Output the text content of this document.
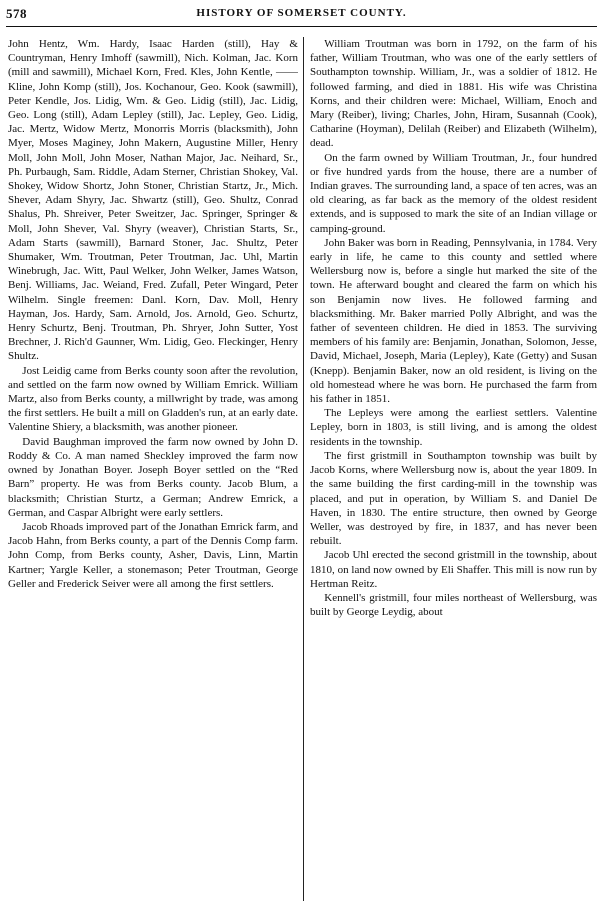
578	HISTORY OF SOMERSET COUNTY.

John Hentz, Wm. Hardy, Isaac Harden (still), Hay & Countryman, Henry Imhoff (sawmill), Nich. Kolman, Jac. Korn (mill and sawmill), Michael Korn, Fred. Kles, John Kentle, —— Kline, John Komp (still), Jos. Kochanour, Geo. Kook (sawmill), Peter Kendle, Jos. Lidig, Wm. & Geo. Lidig (still), Jac. Lidig, Geo. Long (still), Adam Lepley (still), Jac. Lepley, Geo. Lidig, Jac. Mertz, Widow Mertz, Monorris Morris (blacksmith), John Myer, Moses Maginey, John Makern, Augustine Miller, Henry Moll, John Moll, John Moser, Nathan Major, Jac. Neihard, Sr., Ph. Purbaugh, Sam. Riddle, Adam Sterner, Christian Shokey, Val. Shokey, Widow Shortz, John Stoner, Christian Startz, Jr., Mich. Shever, Adam Shyry, Jac. Shwartz (still), Geo. Shultz, Conrad Shalus, Ph. Shreiver, Peter Sweitzer, Jac. Springer, Springer & Moll, John Shever, Val. Shyry (weaver), Christian Starts, Sr., Adam Starts (sawmill), Barnard Stoner, Jac. Shultz, Peter Shumaker, Wm. Troutman, Peter Troutman, Jac. Uhl, Martin Winebrugh, Jac. Witt, Paul Welker, John Welker, James Watson, Benj. Williams, Jac. Weiand, Fred. Zufall, Peter Wingard, Peter Wilhelm. Single freemen: Danl. Korn, Dav. Moll, Henry Hayman, Jos. Hardy, Sam. Arnold, Jos. Arnold, Geo. Schurtz, Henry Schurtz, Benj. Troutman, Ph. Shryer, John Sutter, Yost Brechner, J. Rich'd Gaunner, Wm. Lidig, Geo. Fleckinger, Henry Shultz.

Jost Leidig came from Berks county soon after the revolution, and settled on the farm now owned by William Emrick. William Martz, also from Berks county, a millwright by trade, was among the first settlers. He built a mill on Gladden's run, at an early date. Valentine Shiery, a blacksmith, was another pioneer.

David Baughman improved the farm now owned by John D. Roddy & Co. A man named Sheckley improved the farm now owned by Jonathan Boyer. Joseph Boyer settled on the “Red Barn” property. He was from Berks county. Jacob Blum, a blacksmith; Christian Sturtz, a German; Andrew Emrick, a German, and Caspar Albright were early settlers.

Jacob Rhoads improved part of the Jonathan Emrick farm, and Jacob Hahn, from Berks county, a part of the Dennis Comp farm. John Comp, from Berks county, Asher, Davis, Linn, Martin Kartner; Yargle Keller, a stonemason; Peter Troutman, George Geller and Frederick Seiver were all among the first settlers.

William Troutman was born in 1792, on the farm of his father, William Troutman, who was one of the early settlers of Southampton township. William, Jr., was a soldier of 1812. He followed farming, and died in 1881. His wife was Christina Korns, and their children were: Michael, William, Enoch and Mary (Reiber), living; Charles, John, Hiram, Susannah (Cook), Catharine (Hoyman), Delilah (Reiber) and Elizabeth (Wilhelm), dead.

On the farm owned by William Troutman, Jr., four hundred or five hundred yards from the house, there are a number of Indian graves. The surrounding land, a space of ten acres, was an old clearing, as far back as the memory of the oldest resident extends, and is supposed to mark the site of an Indian village or camping-ground.

John Baker was born in Reading, Pennsylvania, in 1784. Very early in life, he came to this county and settled where Wellersburg now is, before a single hut marked the site of the town. He afterward bought and cleared the farm on which his son Benjamin now lives. He followed farming and blacksmithing. Mr. Baker married Polly Albright, and was the father of seventeen children. He died in 1853. The surviving members of his family are: Benjamin, Jonathan, Solomon, Jesse, David, Michael, Joseph, Maria (Lepley), Kate (Getty) and Susan (Knepp). Benjamin Baker, now an old resident, is living on the old homestead where he was born. He purchased the farm from his father in 1851.

The Lepleys were among the earliest settlers. Valentine Lepley, born in 1803, is still living, and is among the oldest residents in the township.

The first gristmill in Southampton township was built by Jacob Korns, where Wellersburg now is, about the year 1809. In the same building the first carding-mill in the township was placed, and put in operation, by William S. and Daniel De Haven, in 1830. The entire structure, then owned by George Weller, was destroyed by fire, in 1837, and has never been rebuilt.

Jacob Uhl erected the second gristmill in the township, about 1810, on land now owned by Eli Shaffer. This mill is now run by Hertman Reitz.

Kennell's gristmill, four miles northeast of Wellersburg, was built by George Leydig, about
